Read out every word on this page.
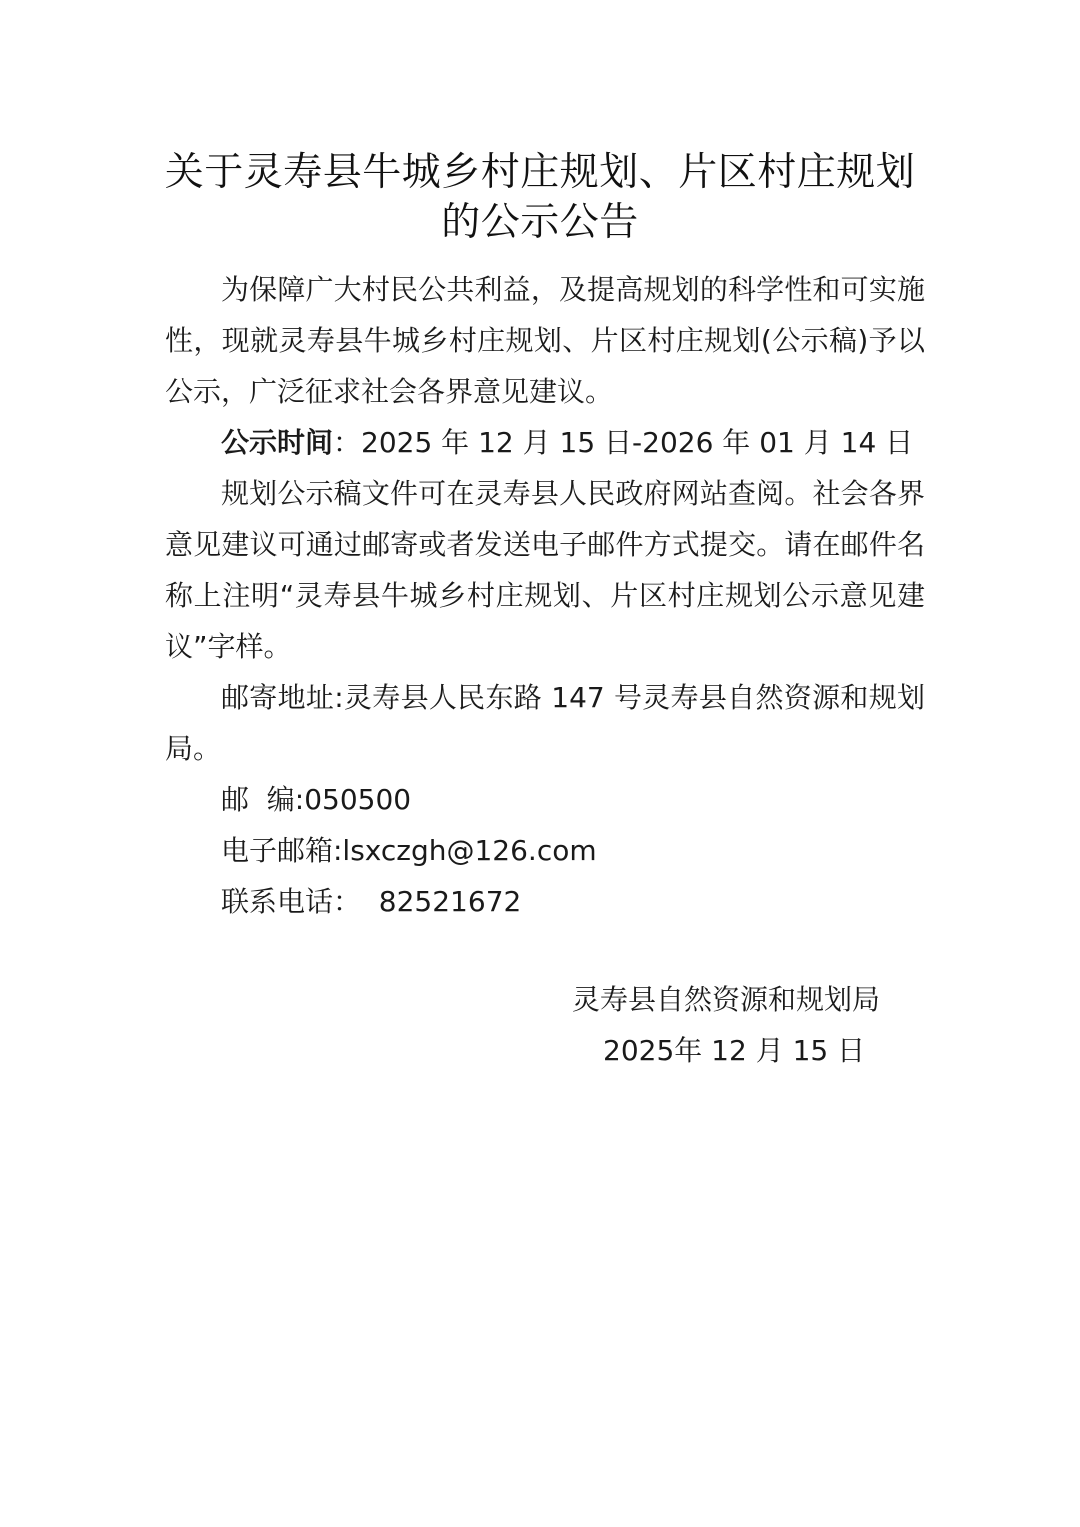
关于灵寿县牛城乡村庄规划、片区村庄规划
的公示公告

为保障广大村民公共利益，及提高规划的科学性和可实施性，现就灵寿县牛城乡村庄规划、片区村庄规划(公示稿)予以公示，广泛征求社会各界意见建议。

公示时间：2025 年 12 月 15 日-2026 年 01 月 14 日

规划公示稿文件可在灵寿县人民政府网站查阅。社会各界意见建议可通过邮寄或者发送电子邮件方式提交。请在邮件名称上注明“灵寿县牛城乡村庄规划、片区村庄规划公示意见建议”字样。

邮寄地址:灵寿县人民东路 147 号灵寿县自然资源和规划局。

邮  编:050500

电子邮箱:lsxczgh@126.com

联系电话：  82521672

灵寿县自然资源和规划局
2025年 12 月 15 日
